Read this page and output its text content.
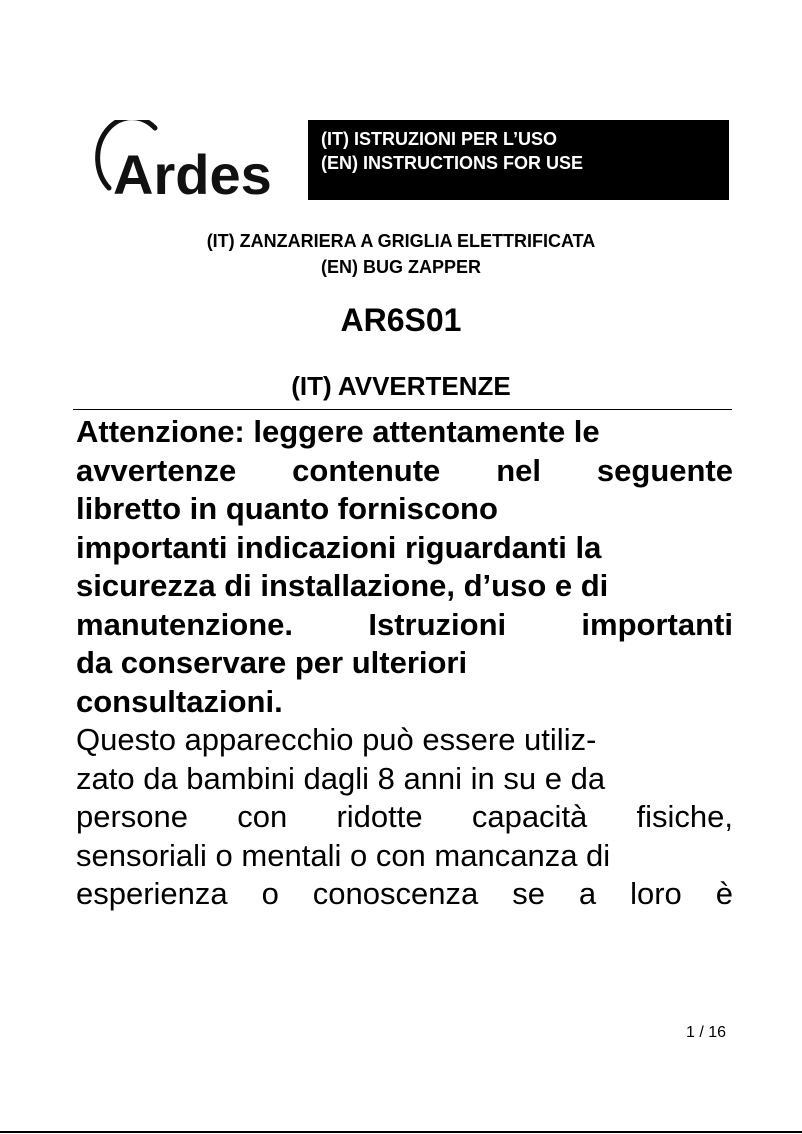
Ardes
(IT) ISTRUZIONI PER L’USO
(EN) INSTRUCTIONS FOR USE
(IT) ZANZARIERA A GRIGLIA ELETTRIFICATA
(EN) BUG ZAPPER
AR6S01
(IT) AVVERTENZE
Attenzione: leggere attentamente le
avvertenze contenute nel seguente
libretto in quanto forniscono
importanti indicazioni riguardanti la
sicurezza di installazione, d’uso e di
manutenzione. Istruzioni importanti
da conservare per ulteriori
consultazioni.
Questo apparecchio può essere utiliz-
zato da bambini dagli 8 anni in su e da
persone con ridotte capacità fisiche,
sensoriali o mentali o con mancanza di
esperienza o conoscenza se a loro è
1 / 16
